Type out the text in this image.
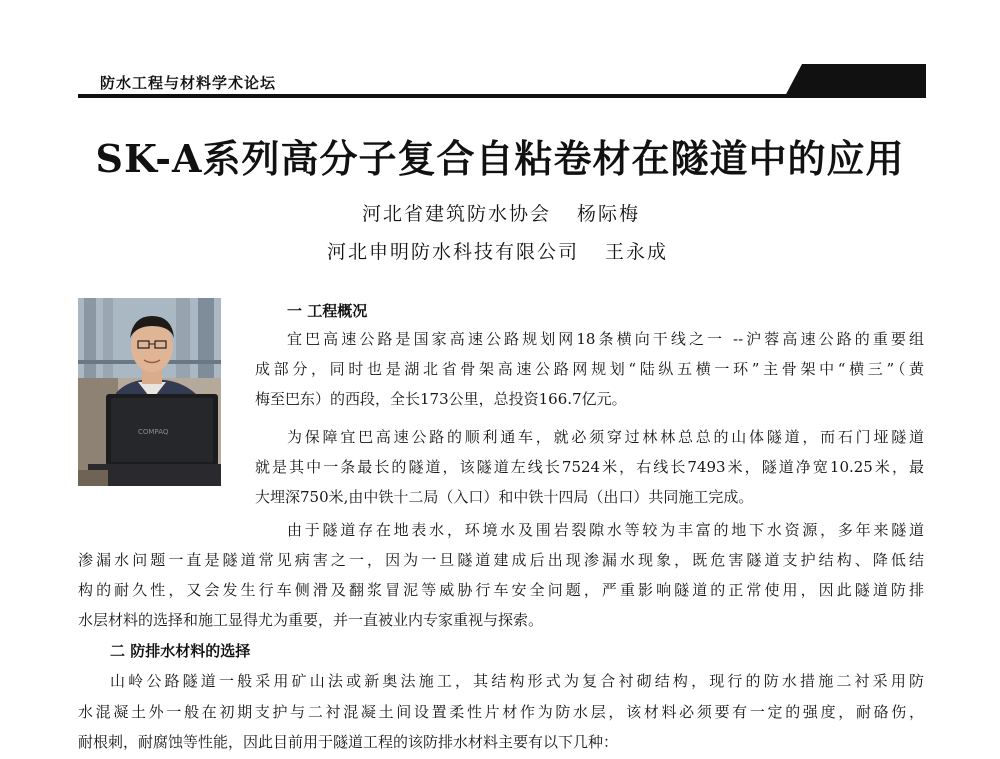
防水工程与材料学术论坛
SK-A系列高分子复合自粘卷材在隧道中的应用
河北省建筑防水协会 杨际梅
河北申明防水科技有限公司 王永成
COMPAQ
一 工程概况
宜巴高速公路是国家高速公路规划网18条横向干线之一 --沪蓉高速公路的重要组
成部分，同时也是湖北省骨架高速公路网规划“陆纵五横一环”主骨架中“横三”（黄
梅至巴东）的西段，全长173公里，总投资166.7亿元。
为保障宜巴高速公路的顺利通车，就必须穿过林林总总的山体隧道，而石门垭隧道
就是其中一条最长的隧道，该隧道左线长7524米，右线长7493米，隧道净宽10.25米，最
大埋深750米,由中铁十二局（入口）和中铁十四局（出口）共同施工完成。
由于隧道存在地表水，环境水及围岩裂隙水等较为丰富的地下水资源，多年来隧道
渗漏水问题一直是隧道常见病害之一，因为一旦隧道建成后出现渗漏水现象，既危害隧道支护结构、降低结
构的耐久性，又会发生行车侧滑及翻浆冒泥等威胁行车安全问题，严重影响隧道的正常使用，因此隧道防排
水层材料的选择和施工显得尤为重要，并一直被业内专家重视与探索。
二 防排水材料的选择
山岭公路隧道一般采用矿山法或新奥法施工，其结构形式为复合衬砌结构，现行的防水措施二衬采用防
水混凝土外一般在初期支护与二衬混凝土间设置柔性片材作为防水层，该材料必须要有一定的强度，耐硌伤，
耐根刺，耐腐蚀等性能，因此目前用于隧道工程的该防排水材料主要有以下几种：
